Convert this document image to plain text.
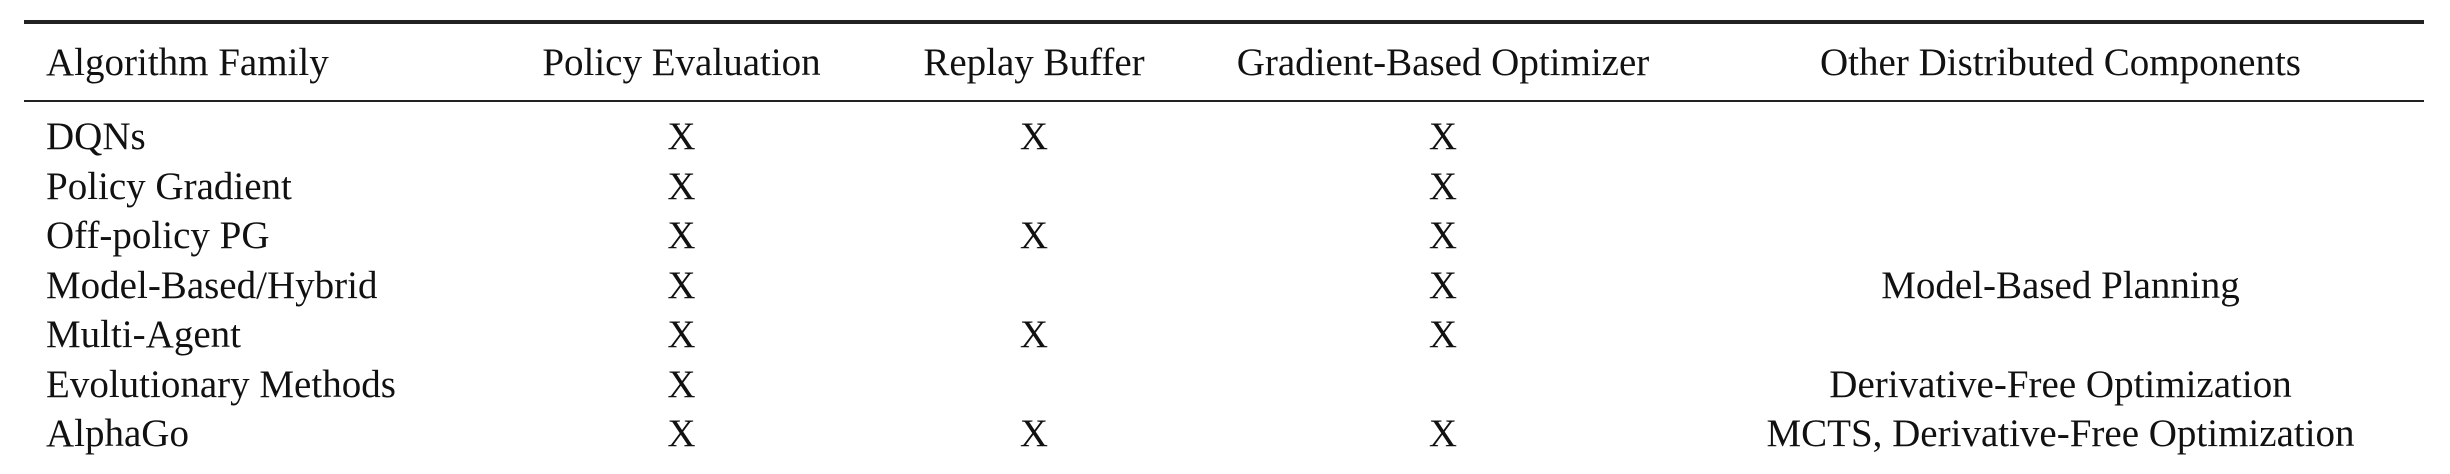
Algorithm Family	Policy Evaluation	Replay Buffer	Gradient-Based Optimizer	Other Distributed Components
DQNs	X	X	X	
Policy Gradient	X		X	
Off-policy PG	X	X	X	
Model-Based/Hybrid	X		X	Model-Based Planning
Multi-Agent	X	X	X	
Evolutionary Methods	X			Derivative-Free Optimization
AlphaGo	X	X	X	MCTS, Derivative-Free Optimization
